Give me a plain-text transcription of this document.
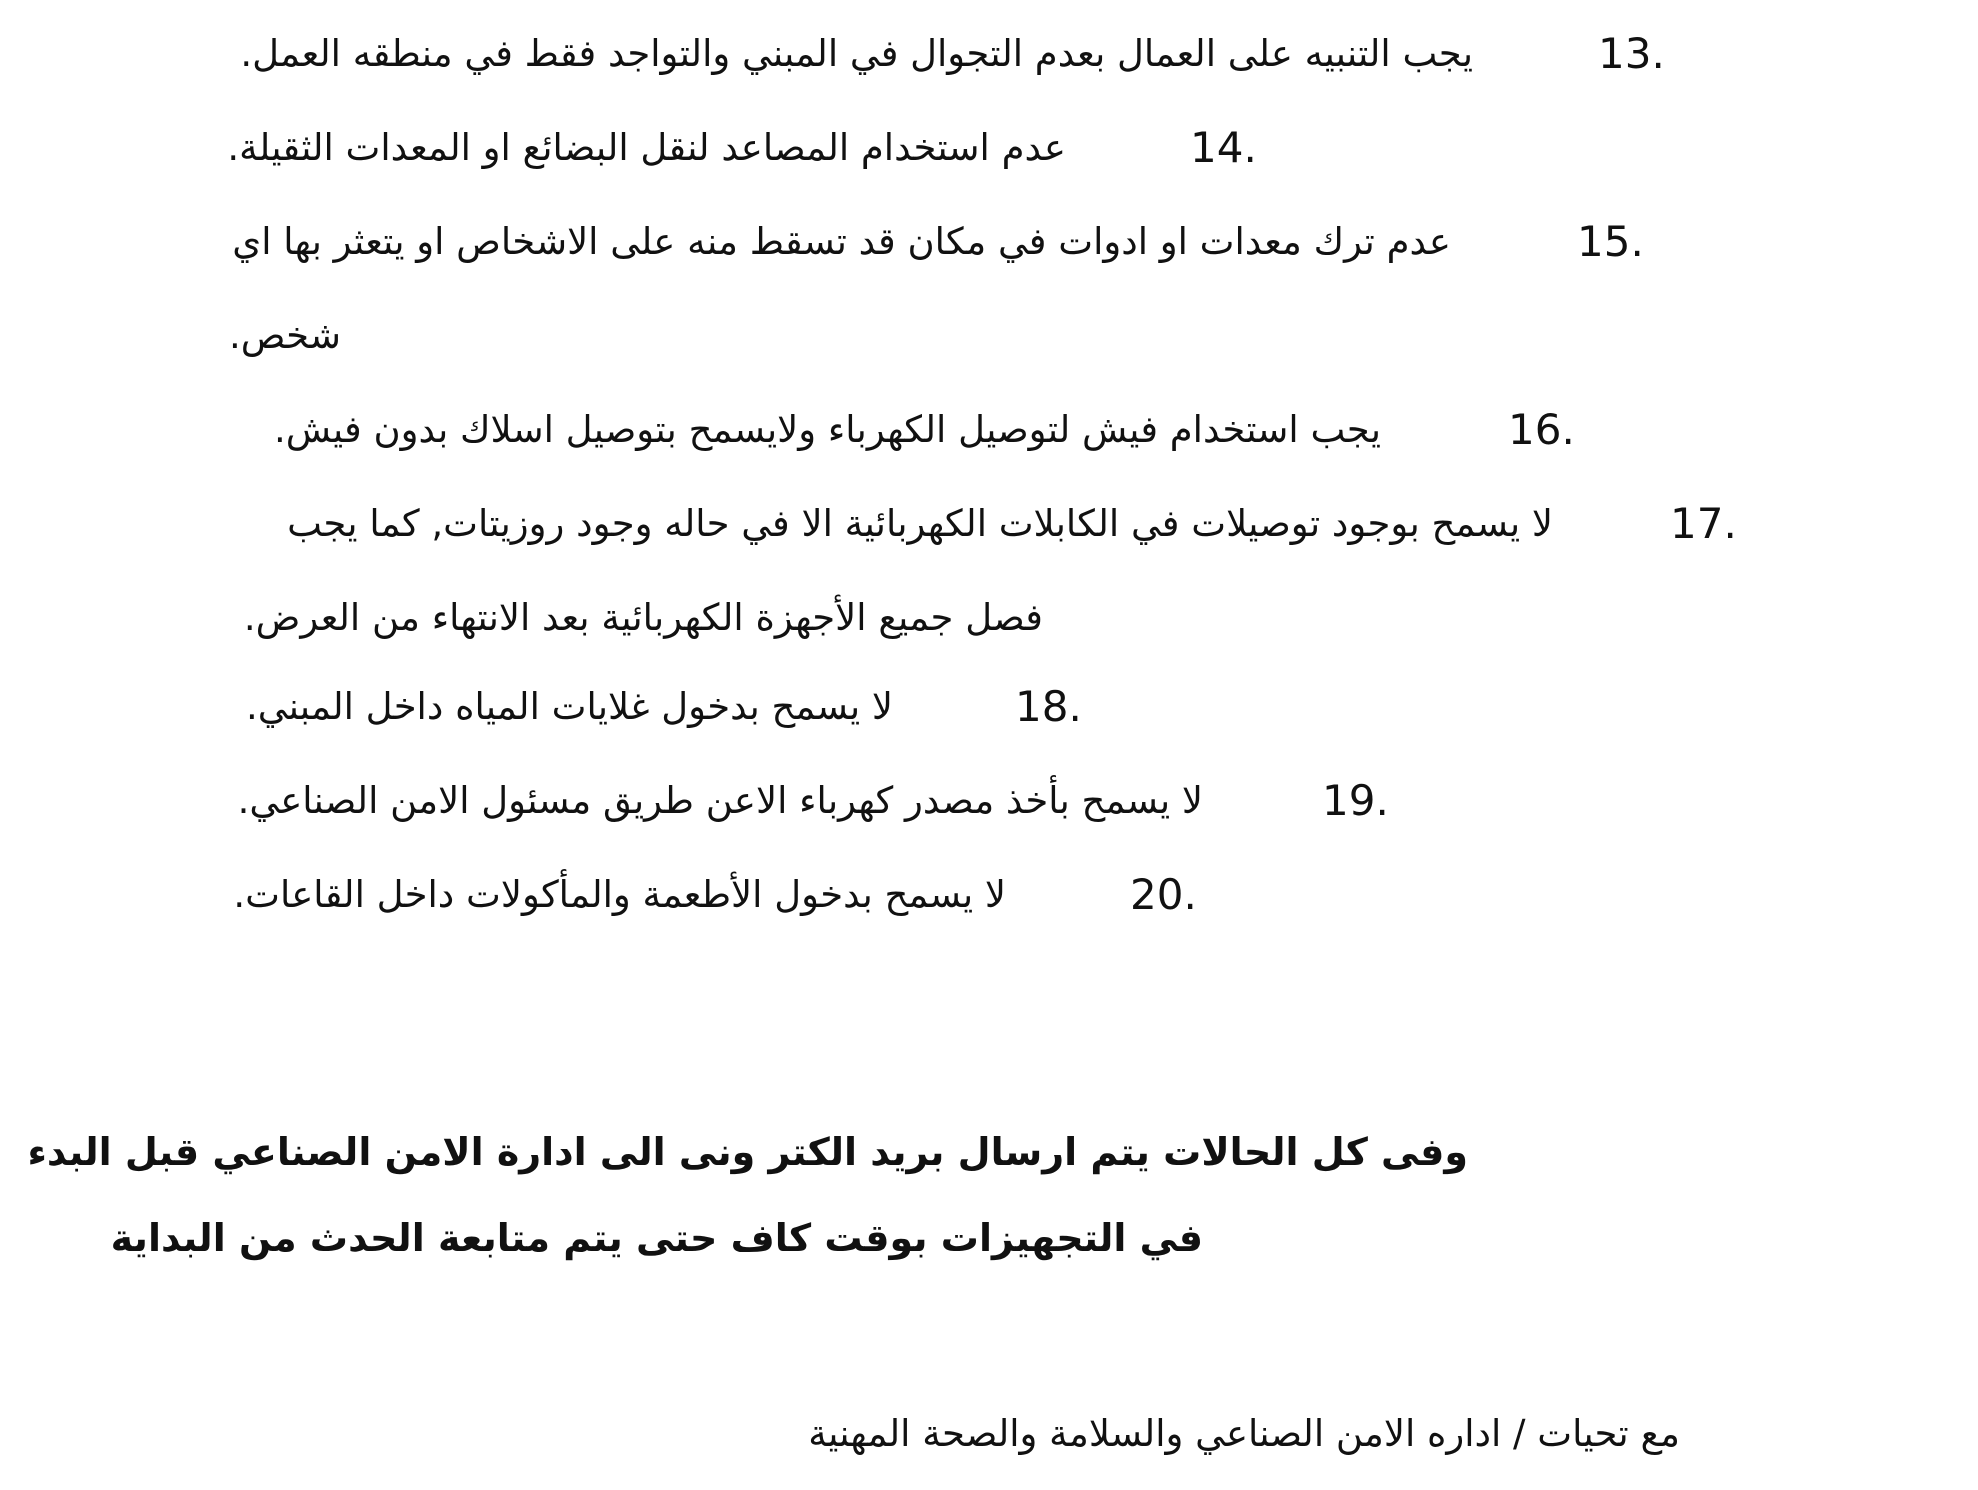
13.
يجب التنبيه على العمال بعدم التجوال في المبني والتواجد فقط في منطقه العمل.
14.
عدم استخدام المصاعد لنقل البضائع او المعدات الثقيلة.
15.
عدم ترك معدات او ادوات في مكان قد تسقط منه على الاشخاص او يتعثر بها اي
شخص.
16.
يجب استخدام فيش لتوصيل الكهرباء ولايسمح بتوصيل اسلاك بدون فيش.
17.
لا يسمح بوجود توصيلات في الكابلات الكهربائية الا في حاله وجود روزيتات, كما يجب
فصل جميع الأجهزة الكهربائية بعد الانتهاء من العرض.
18.
لا يسمح بدخول غلايات المياه داخل المبني.
19.
لا يسمح بأخذ مصدر كهرباء الاعن طريق مسئول الامن الصناعي.
20.
لا يسمح بدخول الأطعمة والمأكولات داخل القاعات.
وفى كل الحالات يتم ارسال بريد الكتر ونى الى ادارة الامن الصناعي قبل البدء
في التجهيزات بوقت كاف حتى يتم متابعة الحدث من البداية
مع تحيات / اداره الامن الصناعي والسلامة والصحة المهنية
